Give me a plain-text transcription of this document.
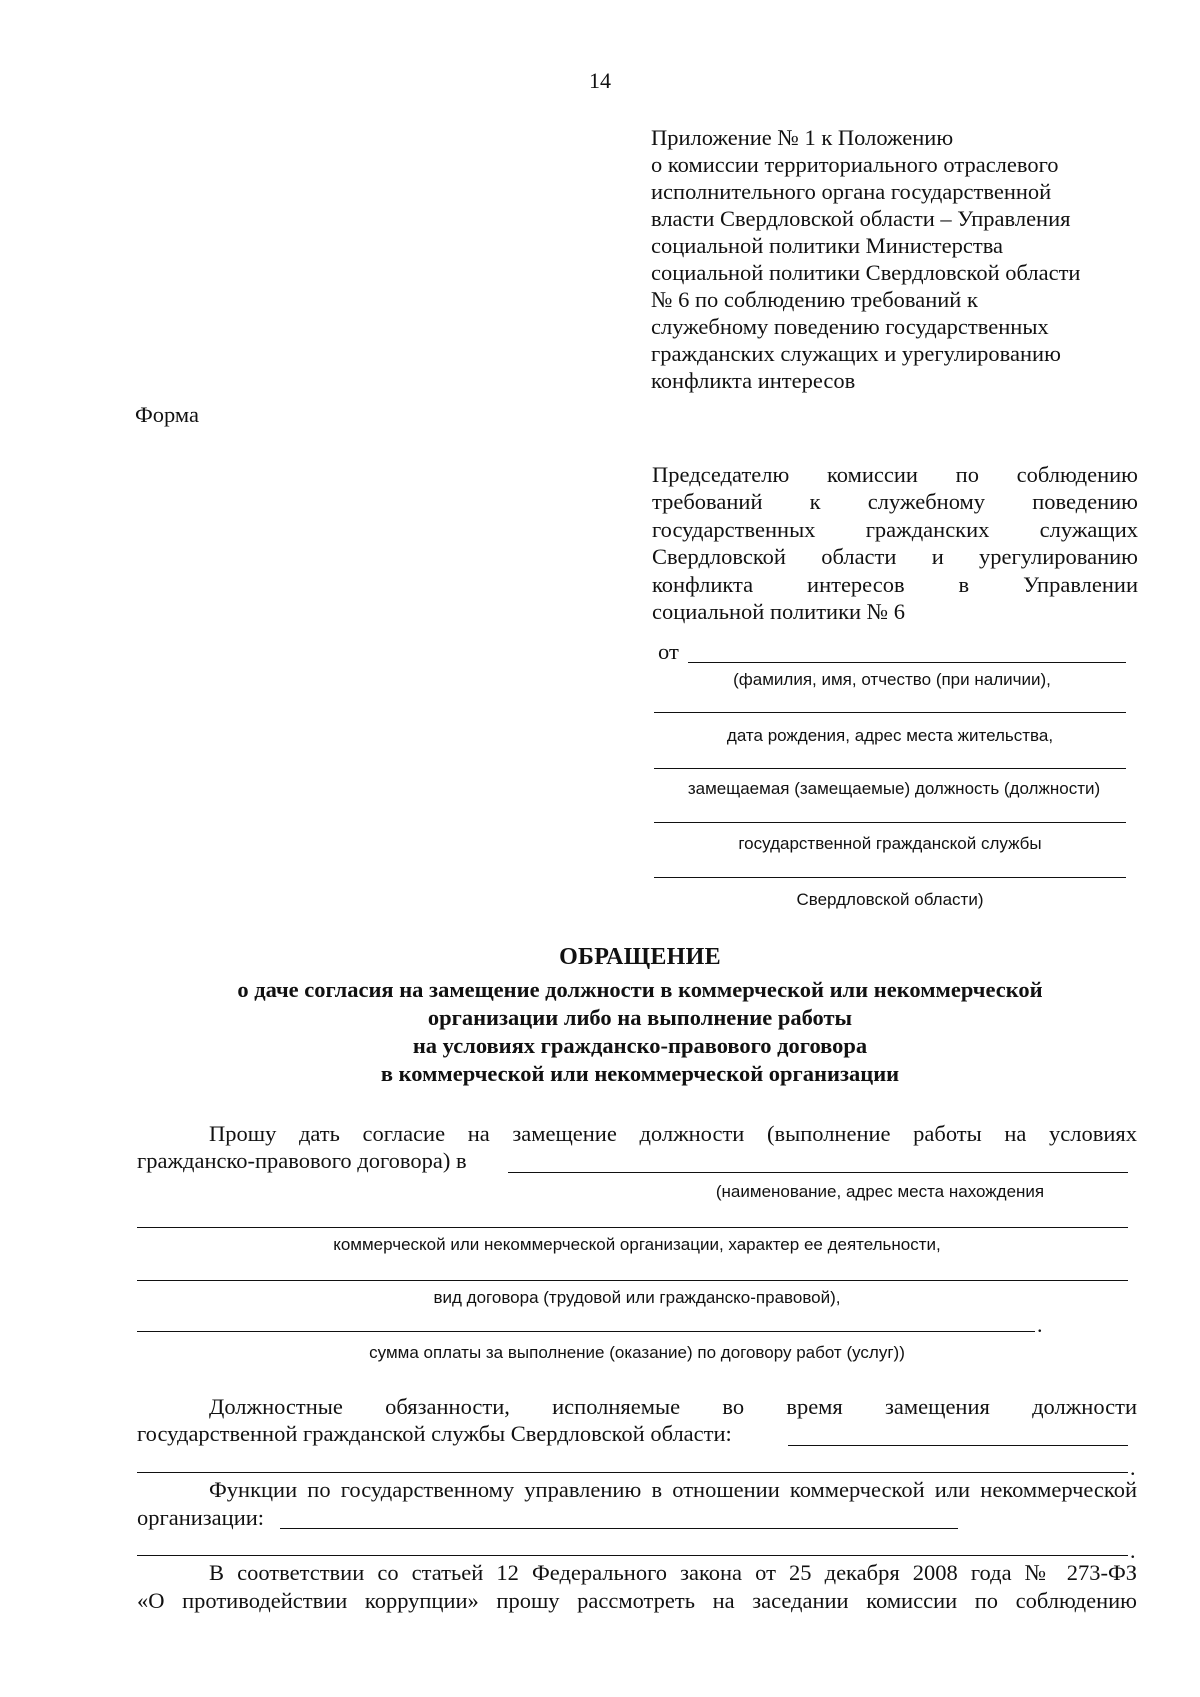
14
Приложение № 1 к Положению
о комиссии территориального отраслевого
исполнительного органа государственной
власти Свердловской области – Управления
социальной политики Министерства
социальной политики Свердловской области
№ 6 по соблюдению требований к
служебному поведению государственных
гражданских служащих и урегулированию
конфликта интересов
Форма
Председателю комиссии по соблюдению
требований к служебному поведению
государственных гражданских служащих
Свердловской области и урегулированию
конфликта интересов в Управлении
социальной политики № 6
от
(фамилия, имя, отчество (при наличии),
дата рождения, адрес места жительства,
замещаемая (замещаемые) должность (должности)
государственной гражданской службы
Свердловской области)
ОБРАЩЕНИЕ
о даче согласия на замещение должности в коммерческой или некоммерческой
организации либо на выполнение работы
на условиях гражданско-правового договора
в коммерческой или некоммерческой организации
Прошу дать согласие на замещение должности (выполнение работы на условиях
гражданско-правового договора) в
(наименование, адрес места нахождения
коммерческой или некоммерческой организации, характер ее деятельности,
вид договора (трудовой или гражданско-правовой),
.
сумма оплаты за выполнение (оказание) по договору работ (услуг))
Должностные обязанности, исполняемые во время замещения должности
государственной гражданской службы Свердловской области:
.
Функции по государственному управлению в отношении коммерческой или некоммерческой
организации:
.
В соответствии со статьей 12 Федерального закона от 25 декабря 2008 года № 273-ФЗ
«О противодействии коррупции» прошу рассмотреть на заседании комиссии по соблюдению
